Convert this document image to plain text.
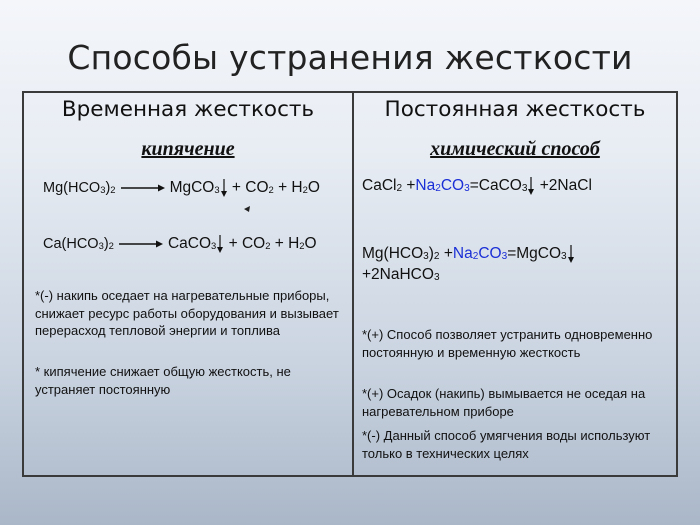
Способы устранения жесткости
Временная жесткость
кипячение
$Mg(HCO_3)_2$ → MgCO$_3$ + $CO_2 + H_2O$
$Ca(HCO_3)_2$ → CaCO$_3$ + $CO_2 + H_2O$
*(-) накипь оседает на нагревательные приборы, снижает ресурс работы оборудования и вызывает перерасход тепловой энергии и топлива
* кипячение снижает общую жесткость, не устраняет постоянную
Постоянная жесткость
химический способ
CaCl$_2$ $+Na_2CO_3=CaCO_3$ +2NaCl
$Mg(HCO_3)_2$ $+Na_2CO_3=MgCO_3$
+2NaHCO$_3$
*(+) Способ позволяет устранить одновременно постоянную и временную жесткость
*(+) Осадок (накипь) вымывается не оседая на нагревательном приборе
*(-) Данный способ умягчения воды используют только в технических целях
